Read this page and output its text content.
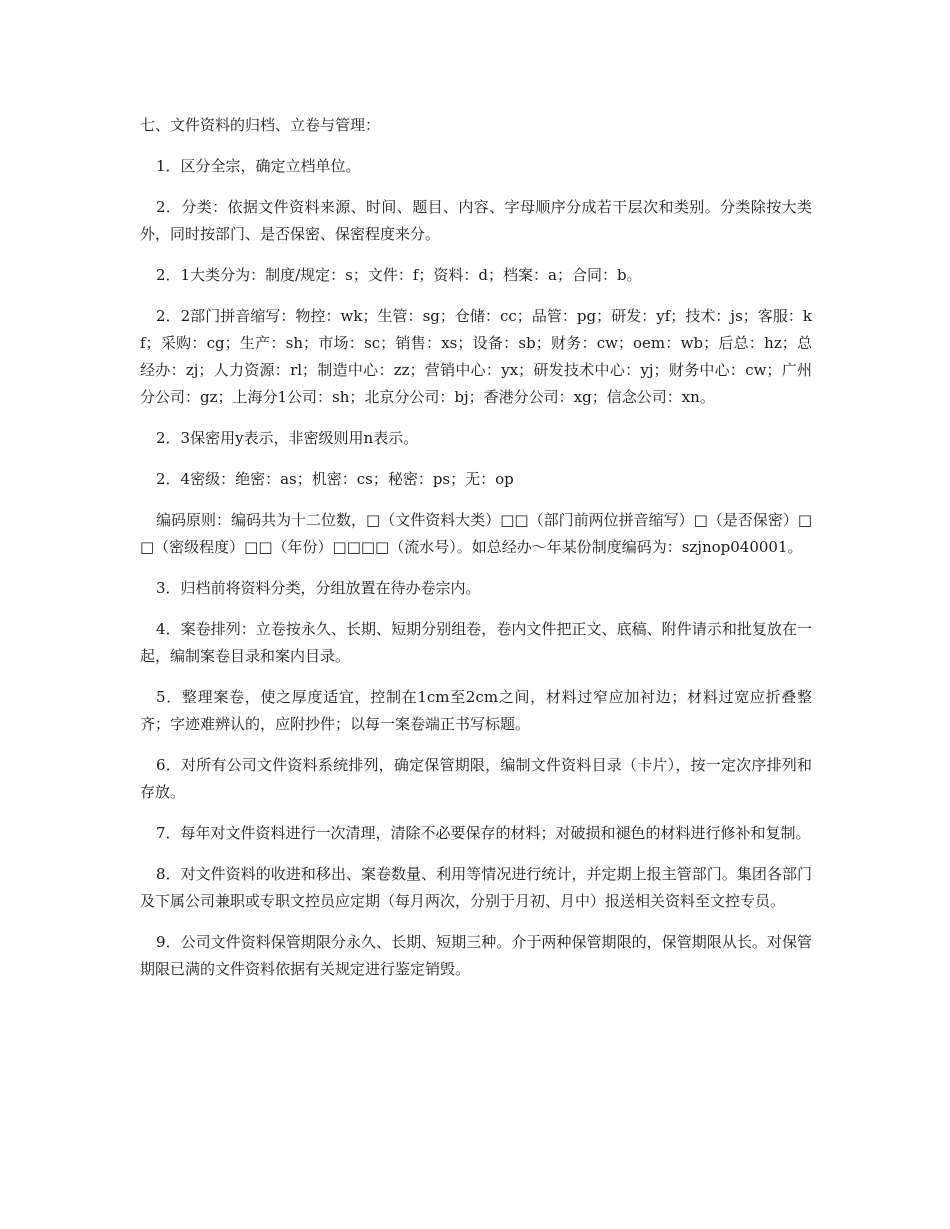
七、文件资料的归档、立卷与管理：

1．区分全宗，确定立档单位。

2．分类：依据文件资料来源、时间、题目、内容、字母顺序分成若干层次和类别。分类除按大类外，同时按部门、是否保密、保密程度来分。

2．1大类分为：制度/规定：s；文件：f；资料：d；档案：a；合同：b。

2．2部门拼音缩写：物控：wk；生管：sg；仓储：cc；品管：pg；研发：yf；技术：js；客服：kf；采购：cg；生产：sh；市场：sc；销售：xs；设备：sb；财务：cw；oem：wb；后总：hz；总经办：zj；人力资源：rl；制造中心：zz；营销中心：yx；研发技术中心：yj；财务中心：cw；广州分公司：gz；上海分1公司：sh；北京分公司：bj；香港分公司：xg；信念公司：xn。

2．3保密用y表示，非密级则用n表示。

2．4密级：绝密：as；机密：cs；秘密：ps；无：op

编码原则：编码共为十二位数，□（文件资料大类）□□（部门前两位拼音缩写）□（是否保密）□□（密级程度）□□（年份）□□□□（流水号）。如总经办～年某份制度编码为：szjnop040001。

3．归档前将资料分类，分组放置在待办卷宗内。

4．案卷排列：立卷按永久、长期、短期分别组卷，卷内文件把正文、底稿、附件请示和批复放在一起，编制案卷目录和案内目录。

5．整理案卷，使之厚度适宜，控制在1cm至2cm之间，材料过窄应加衬边；材料过宽应折叠整齐；字迹难辨认的，应附抄件；以每一案卷端正书写标题。

6．对所有公司文件资料系统排列，确定保管期限，编制文件资料目录（卡片），按一定次序排列和存放。

7．每年对文件资料进行一次清理，清除不必要保存的材料；对破损和褪色的材料进行修补和复制。

8．对文件资料的收进和移出、案卷数量、利用等情况进行统计，并定期上报主管部门。集团各部门及下属公司兼职或专职文控员应定期（每月两次，分别于月初、月中）报送相关资料至文控专员。

9．公司文件资料保管期限分永久、长期、短期三种。介于两种保管期限的，保管期限从长。对保管期限已满的文件资料依据有关规定进行鉴定销毁。
